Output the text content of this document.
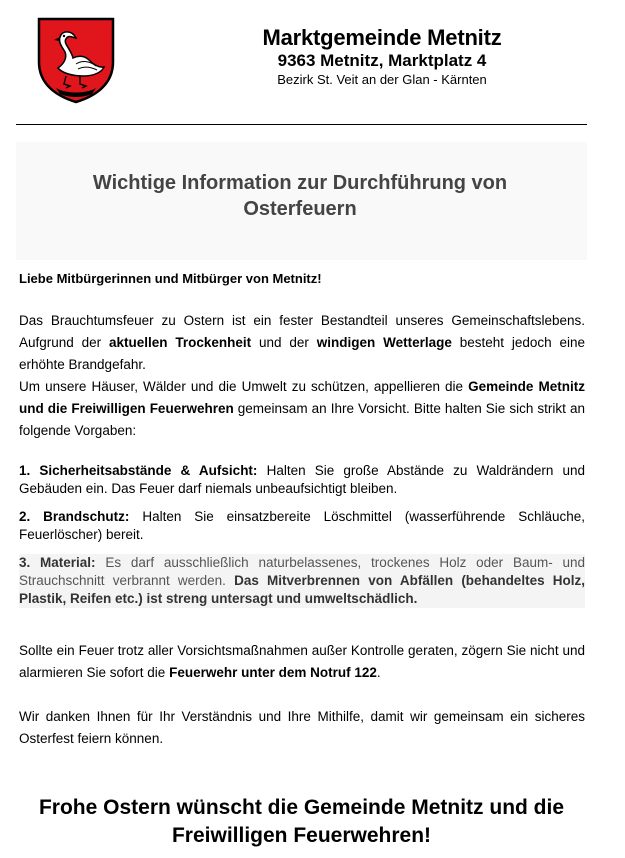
Marktgemeinde Metnitz
9363 Metnitz, Marktplatz 4
Bezirk St. Veit an der Glan - Kärnten
Wichtige Information zur Durchführung von Osterfeuern

Liebe Mitbürgerinnen und Mitbürger von Metnitz!

Das Brauchtumsfeuer zu Ostern ist ein fester Bestandteil unseres Gemeinschaftslebens. Aufgrund der aktuellen Trockenheit und der windigen Wetterlage besteht jedoch eine erhöhte Brandgefahr.

Um unsere Häuser, Wälder und die Umwelt zu schützen, appellieren die Gemeinde Metnitz und die Freiwilligen Feuerwehren gemeinsam an Ihre Vorsicht. Bitte halten Sie sich strikt an folgende Vorgaben:

1. Sicherheitsabstände & Aufsicht: Halten Sie große Abstände zu Waldrändern und Gebäuden ein. Das Feuer darf niemals unbeaufsichtigt bleiben.

2. Brandschutz: Halten Sie einsatzbereite Löschmittel (wasserführende Schläuche, Feuerlöscher) bereit.

3. Material: Es darf ausschließlich naturbelassenes, trockenes Holz oder Baum- und Strauchschnitt verbrannt werden. Das Mitverbrennen von Abfällen (behandeltes Holz, Plastik, Reifen etc.) ist streng untersagt und umweltschädlich.

Sollte ein Feuer trotz aller Vorsichtsmaßnahmen außer Kontrolle geraten, zögern Sie nicht und alarmieren Sie sofort die Feuerwehr unter dem Notruf 122.

Wir danken Ihnen für Ihr Verständnis und Ihre Mithilfe, damit wir gemeinsam ein sicheres Osterfest feiern können.

Frohe Ostern wünscht die Gemeinde Metnitz und die Freiwilligen Feuerwehren!
